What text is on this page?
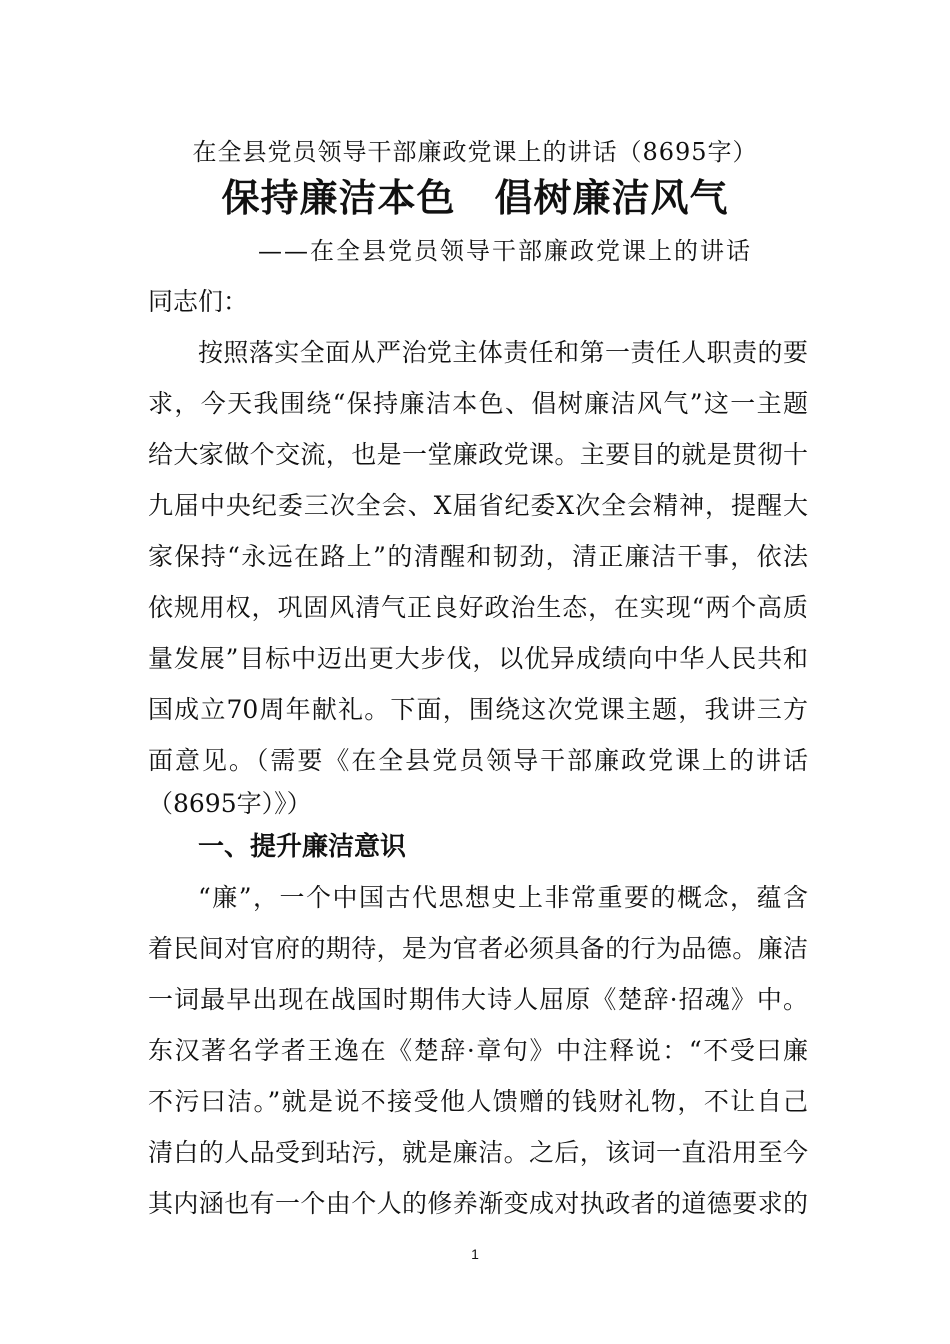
在全县党员领导干部廉政党课上的讲话（8695字）
保持廉洁本色　倡树廉洁风气
——在全县党员领导干部廉政党课上的讲话
同志们：
按照落实全面从严治党主体责任和第一责任人职责的要
求，今天我围绕“保持廉洁本色、倡树廉洁风气”这一主题
给大家做个交流，也是一堂廉政党课。主要目的就是贯彻十
九届中央纪委三次全会、X届省纪委X次全会精神，提醒大
家保持“永远在路上”的清醒和韧劲，清正廉洁干事，依法
依规用权，巩固风清气正良好政治生态，在实现“两个高质
量发展”目标中迈出更大步伐，以优异成绩向中华人民共和
国成立70周年献礼。下面，围绕这次党课主题，我讲三方
面意见。（需要《在全县党员领导干部廉政党课上的讲话
（8695字）》）
一、提升廉洁意识
“廉”，一个中国古代思想史上非常重要的概念，蕴含
着民间对官府的期待，是为官者必须具备的行为品德。廉洁
一词最早出现在战国时期伟大诗人屈原《楚辞·招魂》中。
东汉著名学者王逸在《楚辞·章句》中注释说：“不受曰廉
不污曰洁。”就是说不接受他人馈赠的钱财礼物，不让自己
清白的人品受到玷污，就是廉洁。之后，该词一直沿用至今
其内涵也有一个由个人的修养渐变成对执政者的道德要求的
1
